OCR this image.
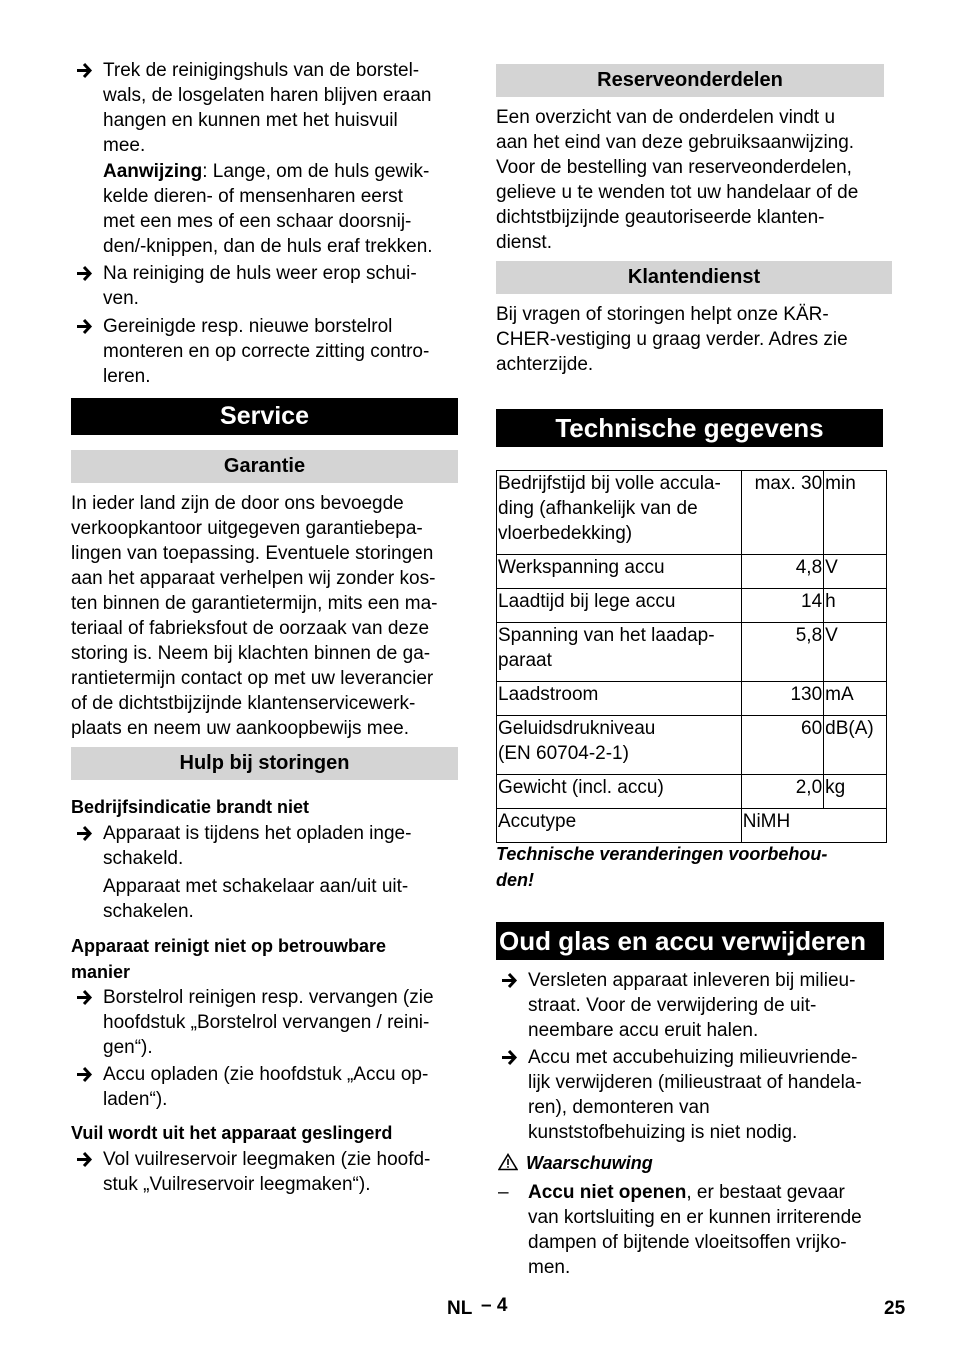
Trek de reinigingshuls van de borstel-
wals, de losgelaten haren blijven eraan
hangen en kunnen met het huisvuil
mee.
Aanwijzing: Lange, om de huls gewik-
kelde dieren- of mensenharen eerst
met een mes of een schaar doorsnij-
den/-knippen, dan de huls eraf trekken.
Na reiniging de huls weer erop schui-
ven.
Gereinigde resp. nieuwe borstelrol
monteren en op correcte zitting contro-
leren.
Service
Garantie
In ieder land zijn de door ons bevoegde
verkoopkantoor uitgegeven garantiebepa-
lingen van toepassing. Eventuele storingen
aan het apparaat verhelpen wij zonder kos-
ten binnen de garantietermijn, mits een ma-
teriaal of fabrieksfout de oorzaak van deze
storing is. Neem bij klachten binnen de ga-
rantietermijn contact op met uw leverancier
of de dichtstbijzijnde klantenservicewerk-
plaats en neem uw aankoopbewijs mee.
Hulp bij storingen
Bedrijfsindicatie brandt niet
Apparaat is tijdens het opladen inge-
schakeld.
Apparaat met schakelaar aan/uit uit-
schakelen.
Apparaat reinigt niet op betrouwbare
manier
Borstelrol reinigen resp. vervangen (zie
hoofdstuk „Borstelrol vervangen / reini-
gen“).
Accu opladen (zie hoofdstuk „Accu op-
laden“).
Vuil wordt uit het apparaat geslingerd
Vol vuilreservoir leegmaken (zie hoofd-
stuk „Vuilreservoir leegmaken“).
Reserveonderdelen
Een overzicht van de onderdelen vindt u
aan het eind van deze gebruiksaanwijzing.
Voor de bestelling van reserveonderdelen,
gelieve u te wenden tot uw handelaar of de
dichtstbijzijnde geautoriseerde klanten-
dienst.
Klantendienst
Bij vragen of storingen helpt onze KÄR-
CHER-vestiging u graag verder. Adres zie
achterzijde.
Technische gegevens
Bedrijfstijd bij volle accula-
ding (afhankelijk van de
vloerbedekking)	max. 30	min
Werkspanning accu	4,8	V
Laadtijd bij lege accu	14	h
Spanning van het laadap-
paraat	5,8	V
Laadstroom	130	mA
Geluidsdrukniveau
(EN 60704-2-1)	60	dB(A)
Gewicht (incl. accu)	2,0	kg
Accutype	NiMH	
Technische veranderingen voorbehou-
den!
Oud glas en accu verwijderen
Versleten apparaat inleveren bij milieu-
straat. Voor de verwijdering de uit-
neembare accu eruit halen.
Accu met accubehuizing milieuvriende-
lijk verwijderen (milieustraat of handela-
ren), demonteren van
kunststofbehuizing is niet nodig.
Waarschuwing
– Accu niet openen, er bestaat gevaar
van kortsluiting en er kunnen irriterende
dampen of bijtende vloeitsoffen vrijko-
men.
NL – 4	25
